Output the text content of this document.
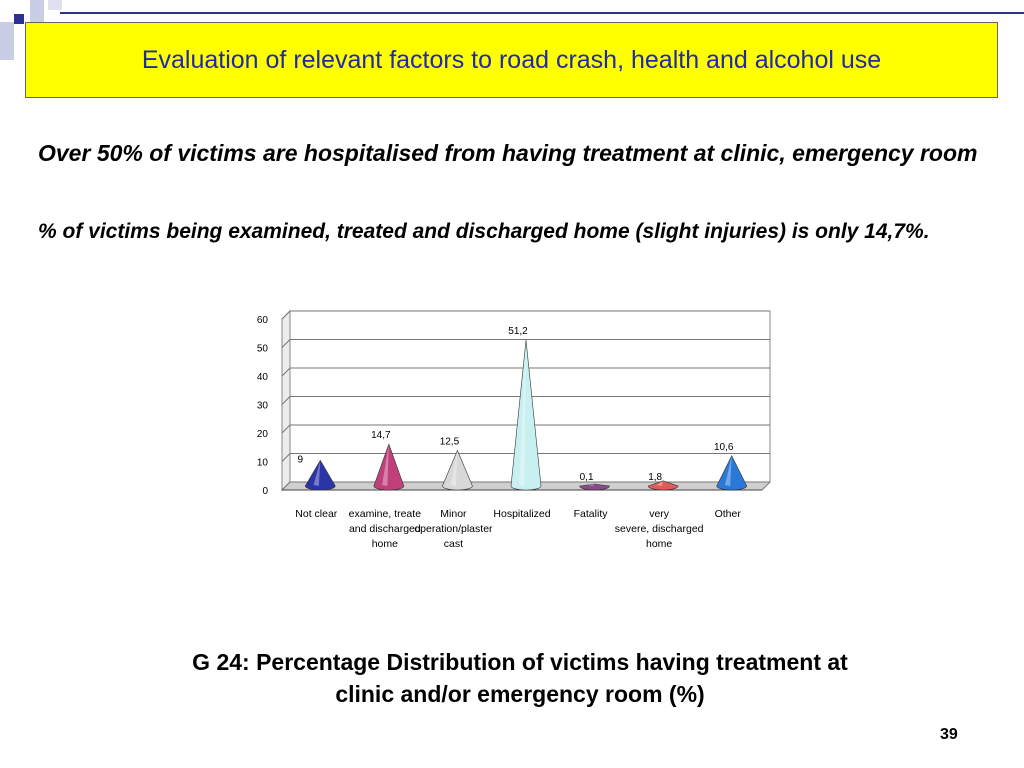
Evaluation of relevant factors to road crash, health and alcohol use
Over 50% of victims are hospitalised from having treatment at clinic, emergency room
% of victims being examined, treated and discharged home (slight injuries) is only 14,7%.
0
10
20
30
40
50
60
9
Not clear
14,7
examine, treate
and discharged
home
12,5
Minor
operation/plaster
cast
51,2
Hospitalized
0,1
Fatality
1,8
very
severe, discharged
home
10,6
Other
G 24: Percentage Distribution of victims having treatment at
clinic and/or emergency room (%)
39
